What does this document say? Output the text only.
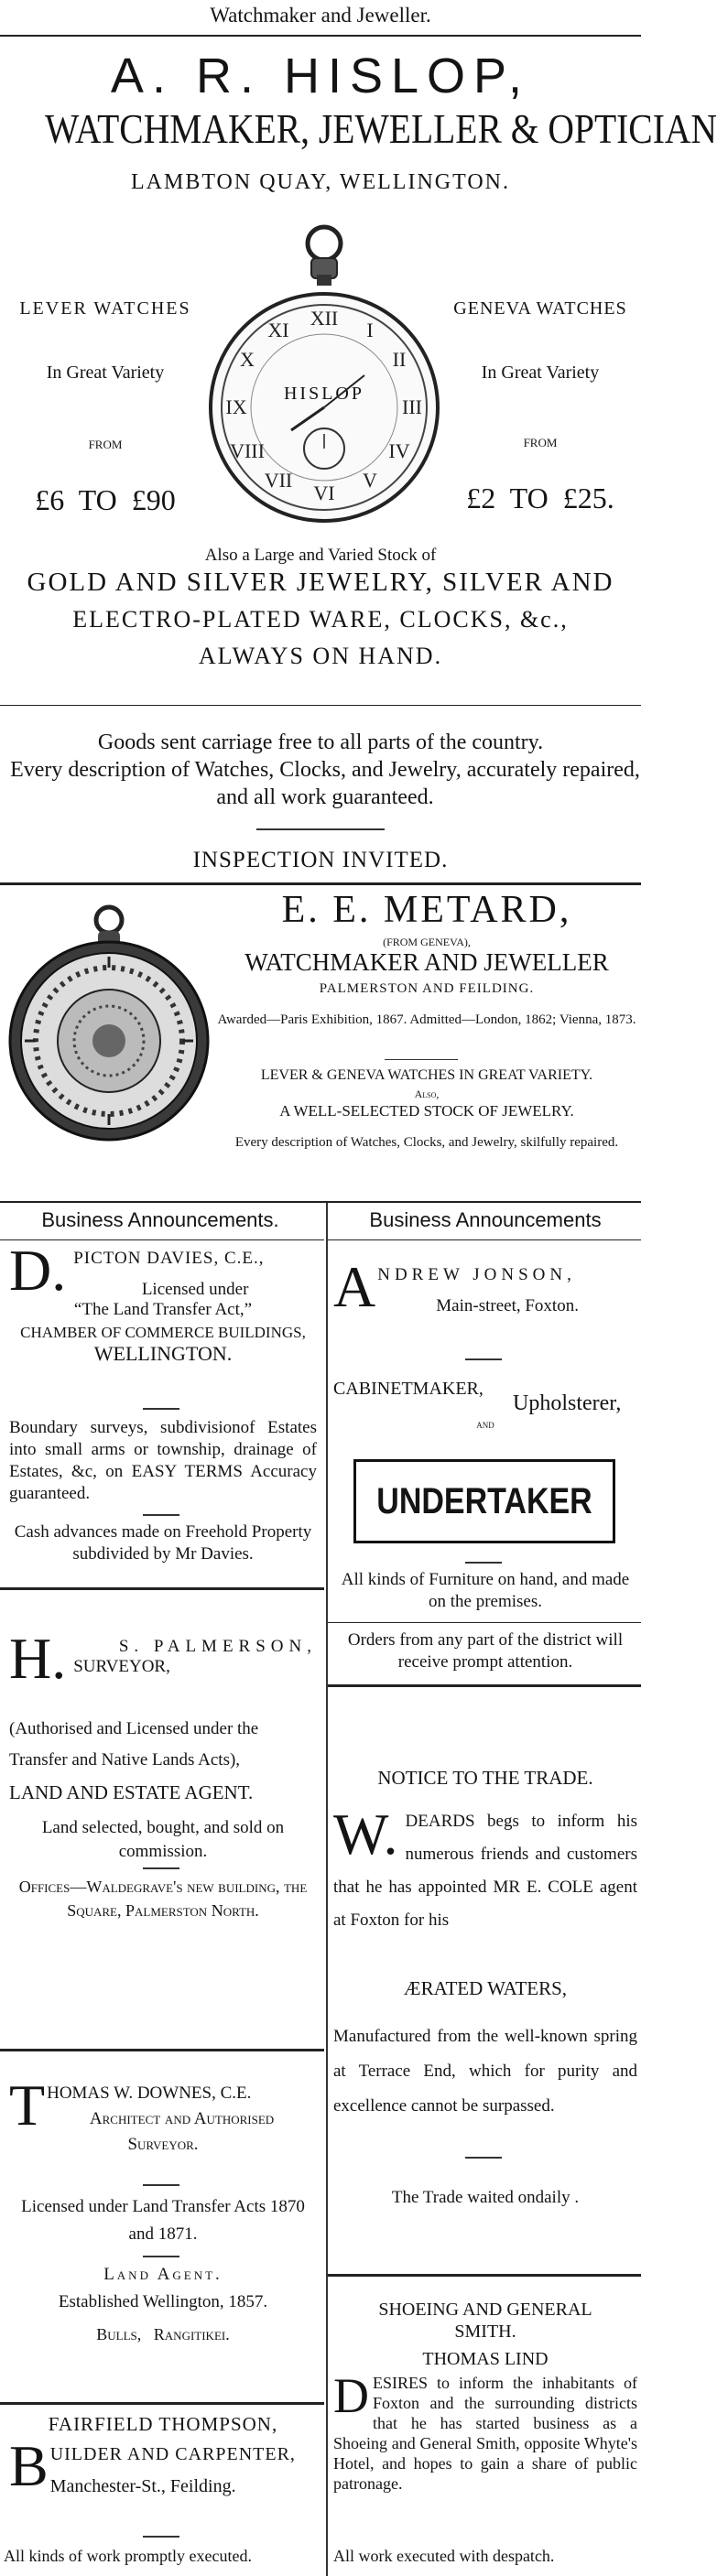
Watchmaker and Jeweller.
A. R. HISLOP,
WATCHMAKER, JEWELLER & OPTICIAN
LAMBTON QUAY, WELLINGTON.
LEVER WATCHES
In Great Variety
FROM
£6  TO  £90
GENEVA WATCHES
In Great Variety
FROM
£2  TO  £25.
XII
I
II
III
IV
V
VI
VII
VIII
IX
X
XI
HISLOP
Also a Large and Varied Stock of
GOLD AND SILVER JEWELRY, SILVER AND
ELECTRO-PLATED WARE, CLOCKS, &c.,
ALWAYS ON HAND.
Goods sent carriage free to all parts of the country.
Every description of Watches, Clocks, and Jewelry, accurately repaired, and all work guaranteed.
INSPECTION INVITED.
E. E. METARD,
(FROM GENEVA),
WATCHMAKER AND JEWELLER
PALMERSTON AND FEILDING.
Awarded—Paris Exhibition, 1867. Admitted—London, 1862; Vienna, 1873.
LEVER & GENEVA WATCHES IN GREAT VARIETY.
Also,
A WELL-SELECTED STOCK OF JEWELRY.
Every description of Watches, Clocks, and Jewelry, skilfully repaired.
Business Announcements.
D. PICTON DAVIES, C.E.,
Licensed under
“The Land Transfer Act,”
CHAMBER OF COMMERCE BUILDINGS,
WELLINGTON.
Boundary surveys, subdivisionof Estates into small arms or township, drainage of Estates, &c, on EASY TERMS Accuracy guaranteed.
Cash advances made on Freehold Property subdivided by Mr Davies.
H.	S. PALMERSON,
SURVEYOR,
(Authorised and Licensed under the Transfer and Native Lands Acts),
LAND AND ESTATE AGENT.
Land selected, bought, and sold on commission.
Offices—Waldegrave's new building, the Square, Palmerston North.
T HOMAS W. DOWNES, C.E.
Architect and Authorised
Surveyor.
Licensed under Land Transfer Acts 1870 and 1871.
Land Agent.
Established Wellington, 1857.
Bulls,   Rangitikei.
FAIRFIELD THOMPSON,
B UILDER AND CARPENTER,
Manchester-St., Feilding.
All kinds of work promptly executed.
Business Announcements
A NDREW JONSON,
Main-street, Foxton.
CABINETMAKER,
Upholsterer,
AND
UNDERTAKER
All kinds of Furniture on hand, and made on the premises.
Orders from any part of the district will receive prompt attention.
NOTICE TO THE TRADE.
W. DEARDS begs to inform his numerous friends and customers that he has appointed MR E. COLE agent at Foxton for his
ÆRATED WATERS,
Manufactured from the well-known spring at Terrace End, which for purity and excellence cannot be surpassed.
The Trade waited ondaily .
SHOEING AND GENERAL
SMITH.
THOMAS LIND
D ESIRES to inform the inhabitants of Foxton and the surrounding districts that he has started business as a Shoeing and General Smith, opposite Whyte's Hotel, and hopes to gain a share of public patronage.
All work executed with despatch.
